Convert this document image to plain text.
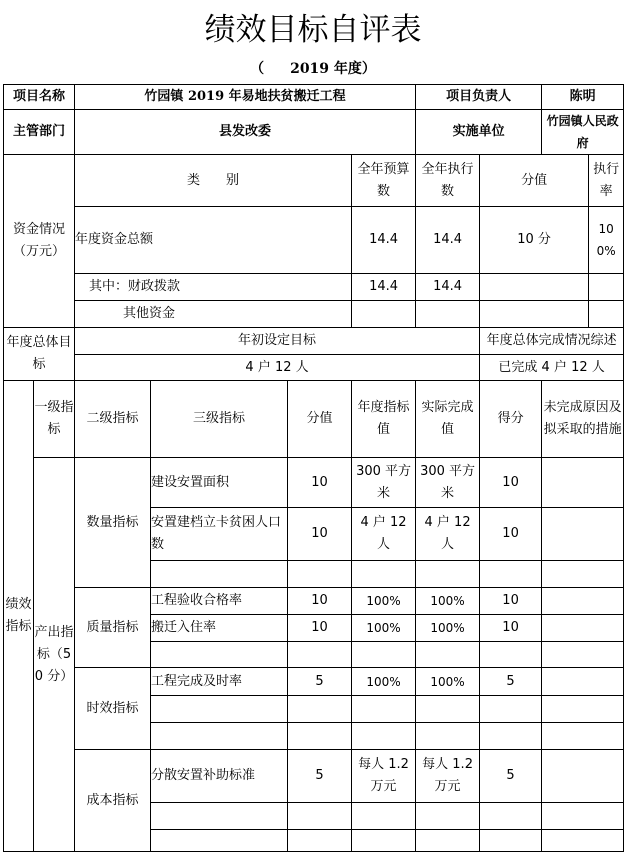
绩效目标自评表
（ 2019 年度）
项目名称		竹园镇 2019 年易地扶贫搬迁工程				项目负责人		陈明		
主管部门		县发改委				实施单位		竹园镇人民政府		
资金情况（万元）		类　　别			全年预算数	全年执行数	分值		执行率	
		年度资金总额			14.4	14.4	10 分		100%	
		其中：财政拨款			14.4	14.4				
		其他资金								
年度总体目标		年初设定目标					年度总体完成情况综述			
		4 户 12 人					已完成 4 户 12 人			
绩效指标	一级指标	二级指标	三级指标	分值	年度指标值	实际完成值	得分	未完成原因及拟采取的措施		
	产出指标（50 分）	数量指标	建设安置面积	10	300 平方米	300 平方米	10			
			安置建档立卡贫困人口数	10	4 户 12 人	4 户 12 人	10			

		质量指标	工程验收合格率	10	100%	100%	10			
			搬迁入住率	10	100%	100%	10			

		时效指标	工程完成及时率	5	100%	100%	5			

		成本指标	分散安置补助标准	5	每人 1.2 万元	每人 1.2 万元	5			
